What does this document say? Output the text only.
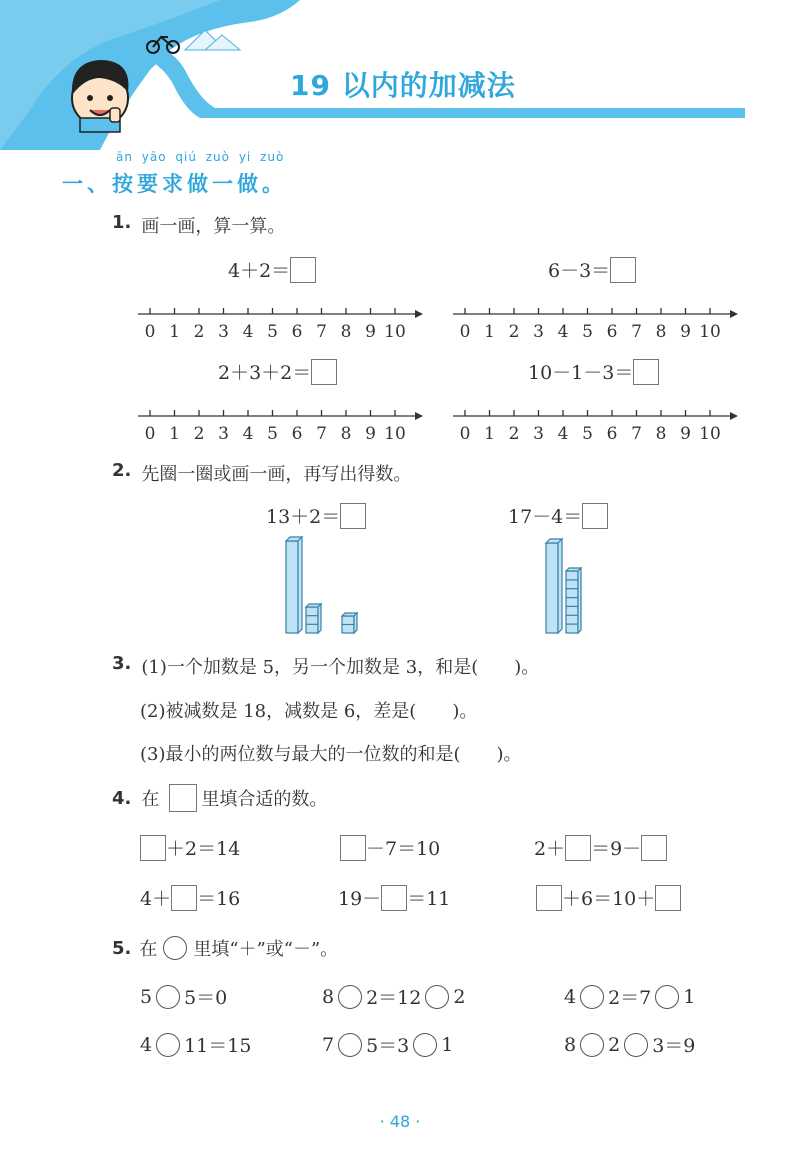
19 以内的加减法
ān yāo qiú zuò yi zuò
一、按要求做一做。
1. 画一画，算一算。
4＋2＝	6－3＝
2＋3＋2＝	10－1－3＝
0 1 2 3 4 5 6 7 8 9 10	0 1 2 3 4 5 6 7 8 9 10
0 1 2 3 4 5 6 7 8 9 10	0 1 2 3 4 5 6 7 8 9 10
2. 先圈一圈或画一画，再写出得数。
13＋2＝	17－4＝
3. (1)一个加数是 5，另一个加数是 3，和是(　　)。
(2)被减数是 18，减数是 6，差是(　　)。
(3)最小的两位数与最大的一位数的和是(　　)。
4. 在 里填合适的数。
＋2＝14	－7＝10	2＋ ＝9－
4＋ ＝16	19－ ＝11	＋6＝10＋
5. 在 里填“＋”或“－”。
5 5＝0	8 2＝12 2	4 2＝7 1
4 11＝15	7 5＝3 1	8 2 3＝9
· 48 ·
